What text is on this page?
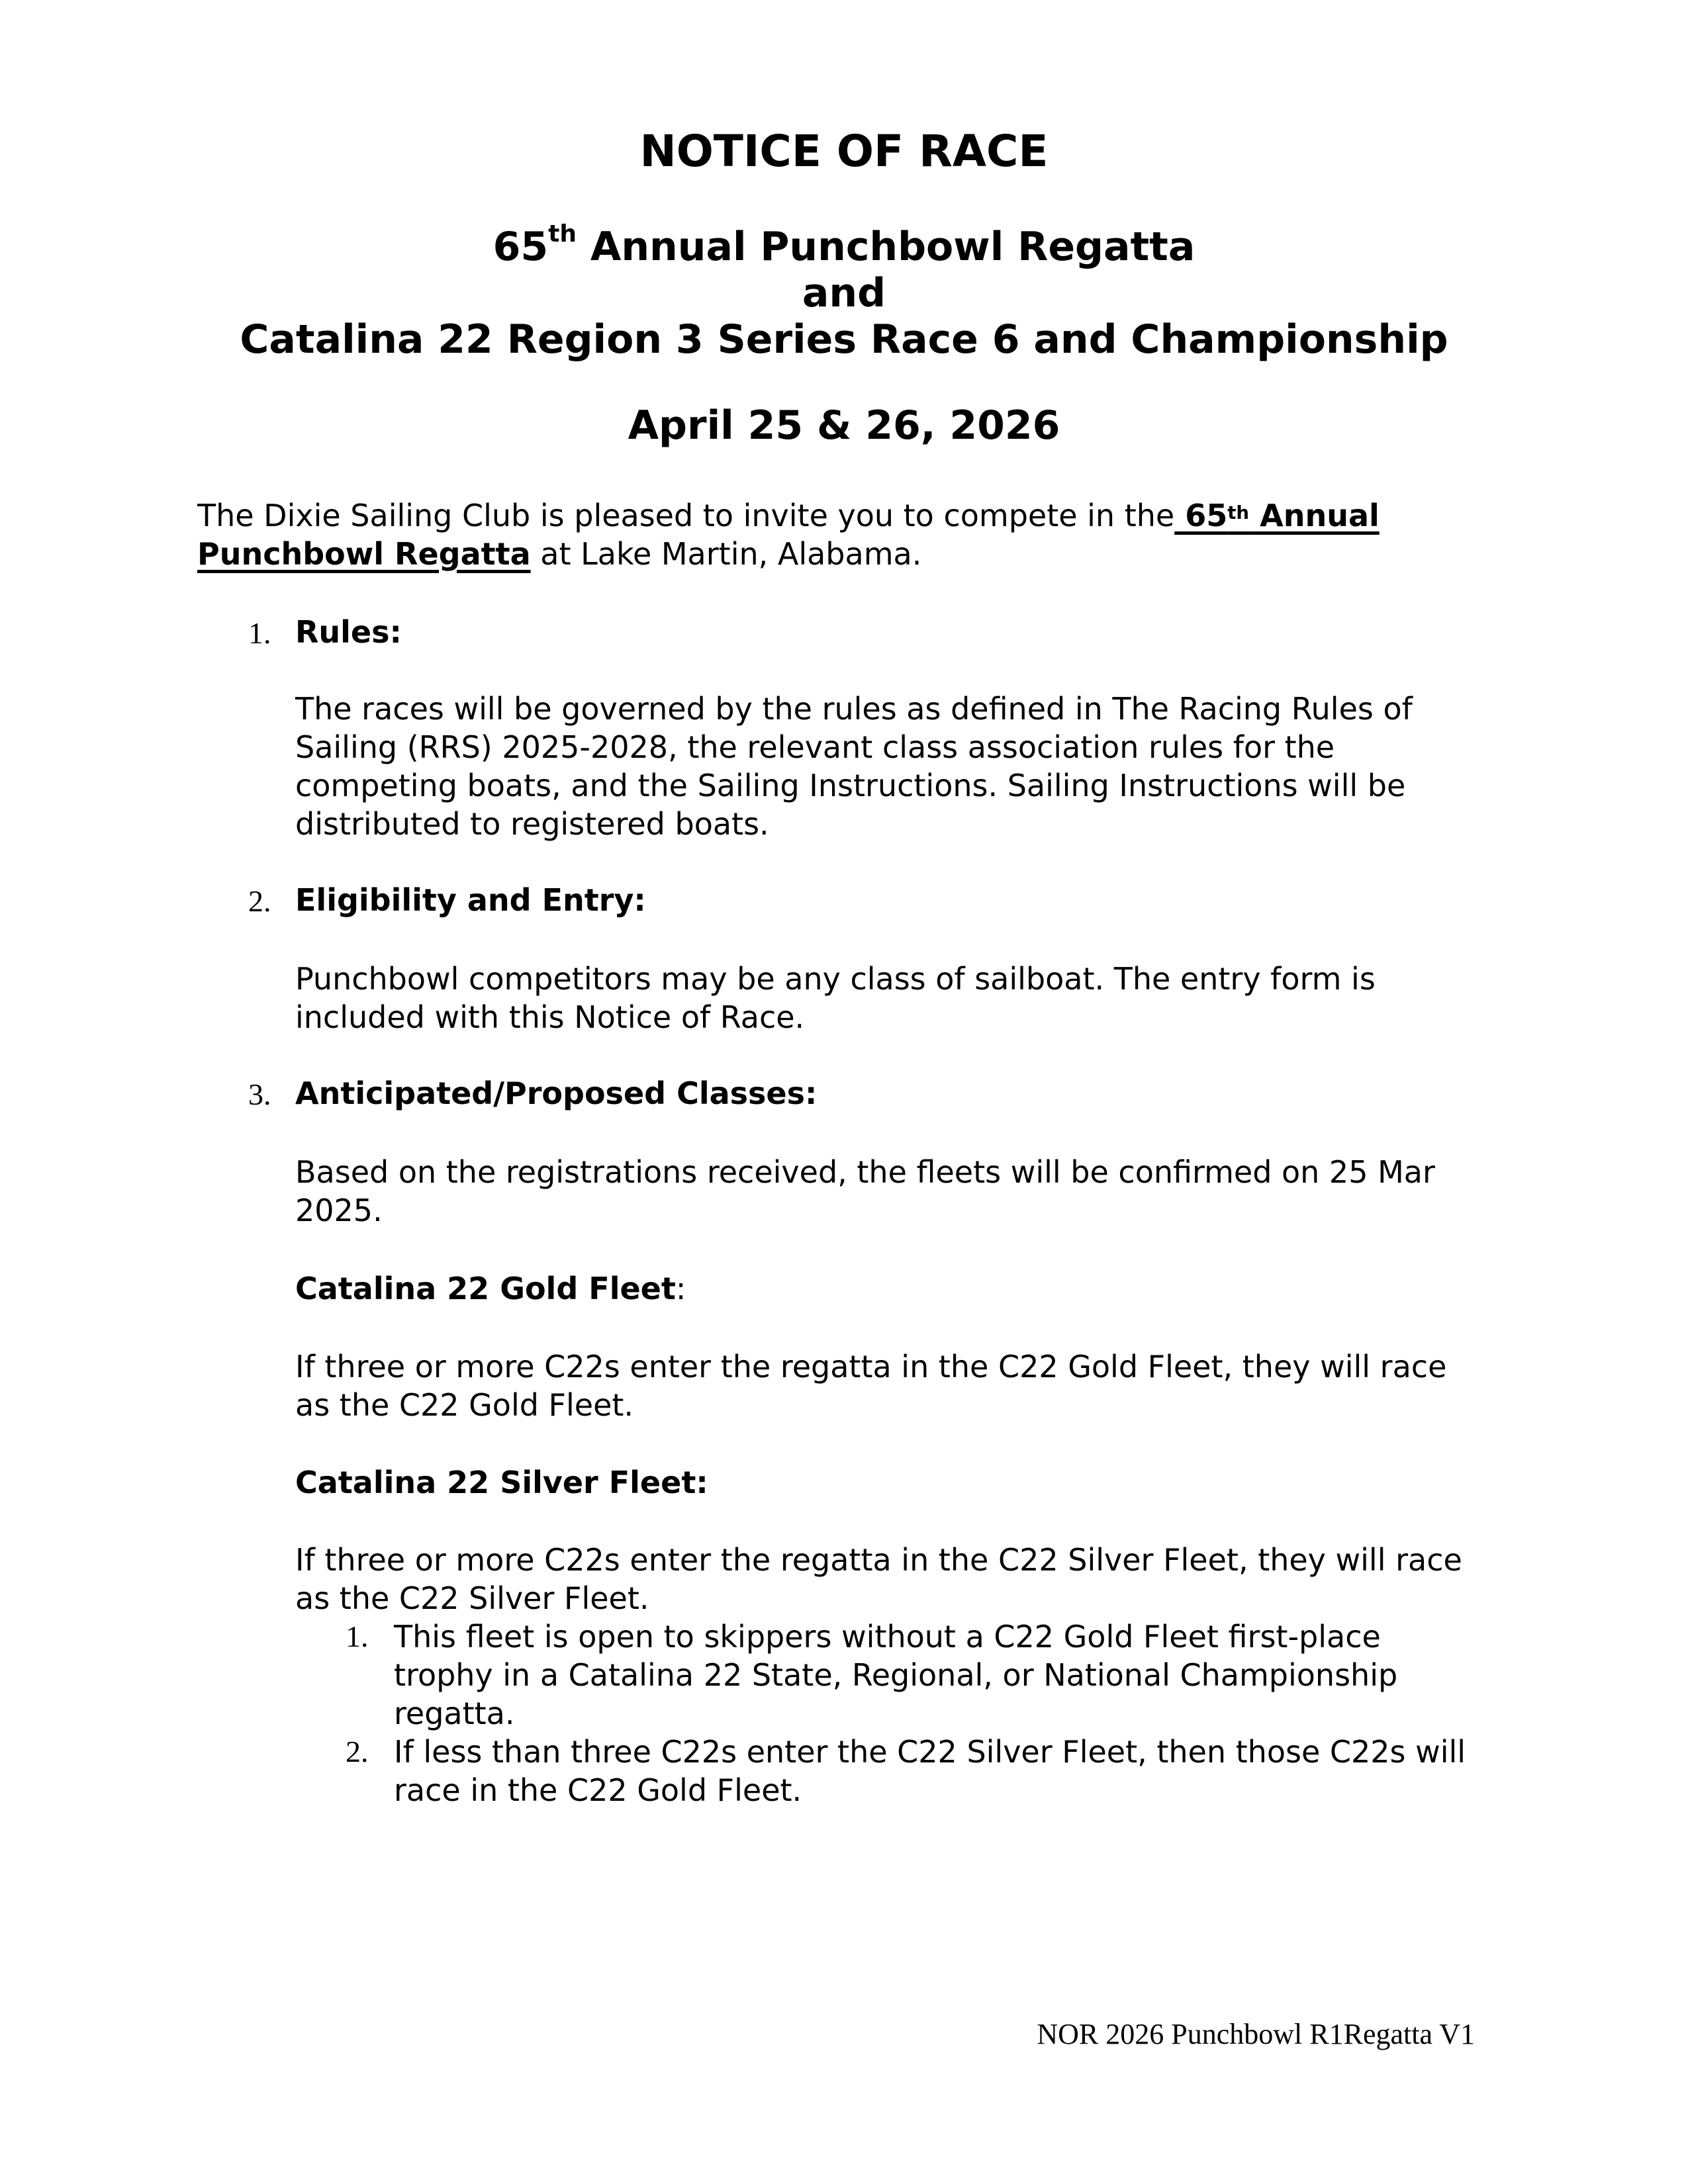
NOTICE OF RACE
65th Annual Punchbowl Regatta
and
Catalina 22 Region 3 Series Race 6 and Championship
April 25 & 26, 2026
The Dixie Sailing Club is pleased to invite you to compete in the 65th Annual
Punchbowl Regatta at Lake Martin, Alabama.
1. Rules:
The races will be governed by the rules as defined in The Racing Rules of
Sailing (RRS) 2025-2028, the relevant class association rules for the
competing boats, and the Sailing Instructions. Sailing Instructions will be
distributed to registered boats.
2. Eligibility and Entry:
Punchbowl competitors may be any class of sailboat. The entry form is
included with this Notice of Race.
3. Anticipated/Proposed Classes:
Based on the registrations received, the fleets will be confirmed on 25 Mar
2025.
Catalina 22 Gold Fleet:
If three or more C22s enter the regatta in the C22 Gold Fleet, they will race
as the C22 Gold Fleet.
Catalina 22 Silver Fleet:
If three or more C22s enter the regatta in the C22 Silver Fleet, they will race
as the C22 Silver Fleet.
1. This fleet is open to skippers without a C22 Gold Fleet first-place
trophy in a Catalina 22 State, Regional, or National Championship
regatta.
2. If less than three C22s enter the C22 Silver Fleet, then those C22s will
race in the C22 Gold Fleet.
NOR 2026 Punchbowl R1Regatta V1
